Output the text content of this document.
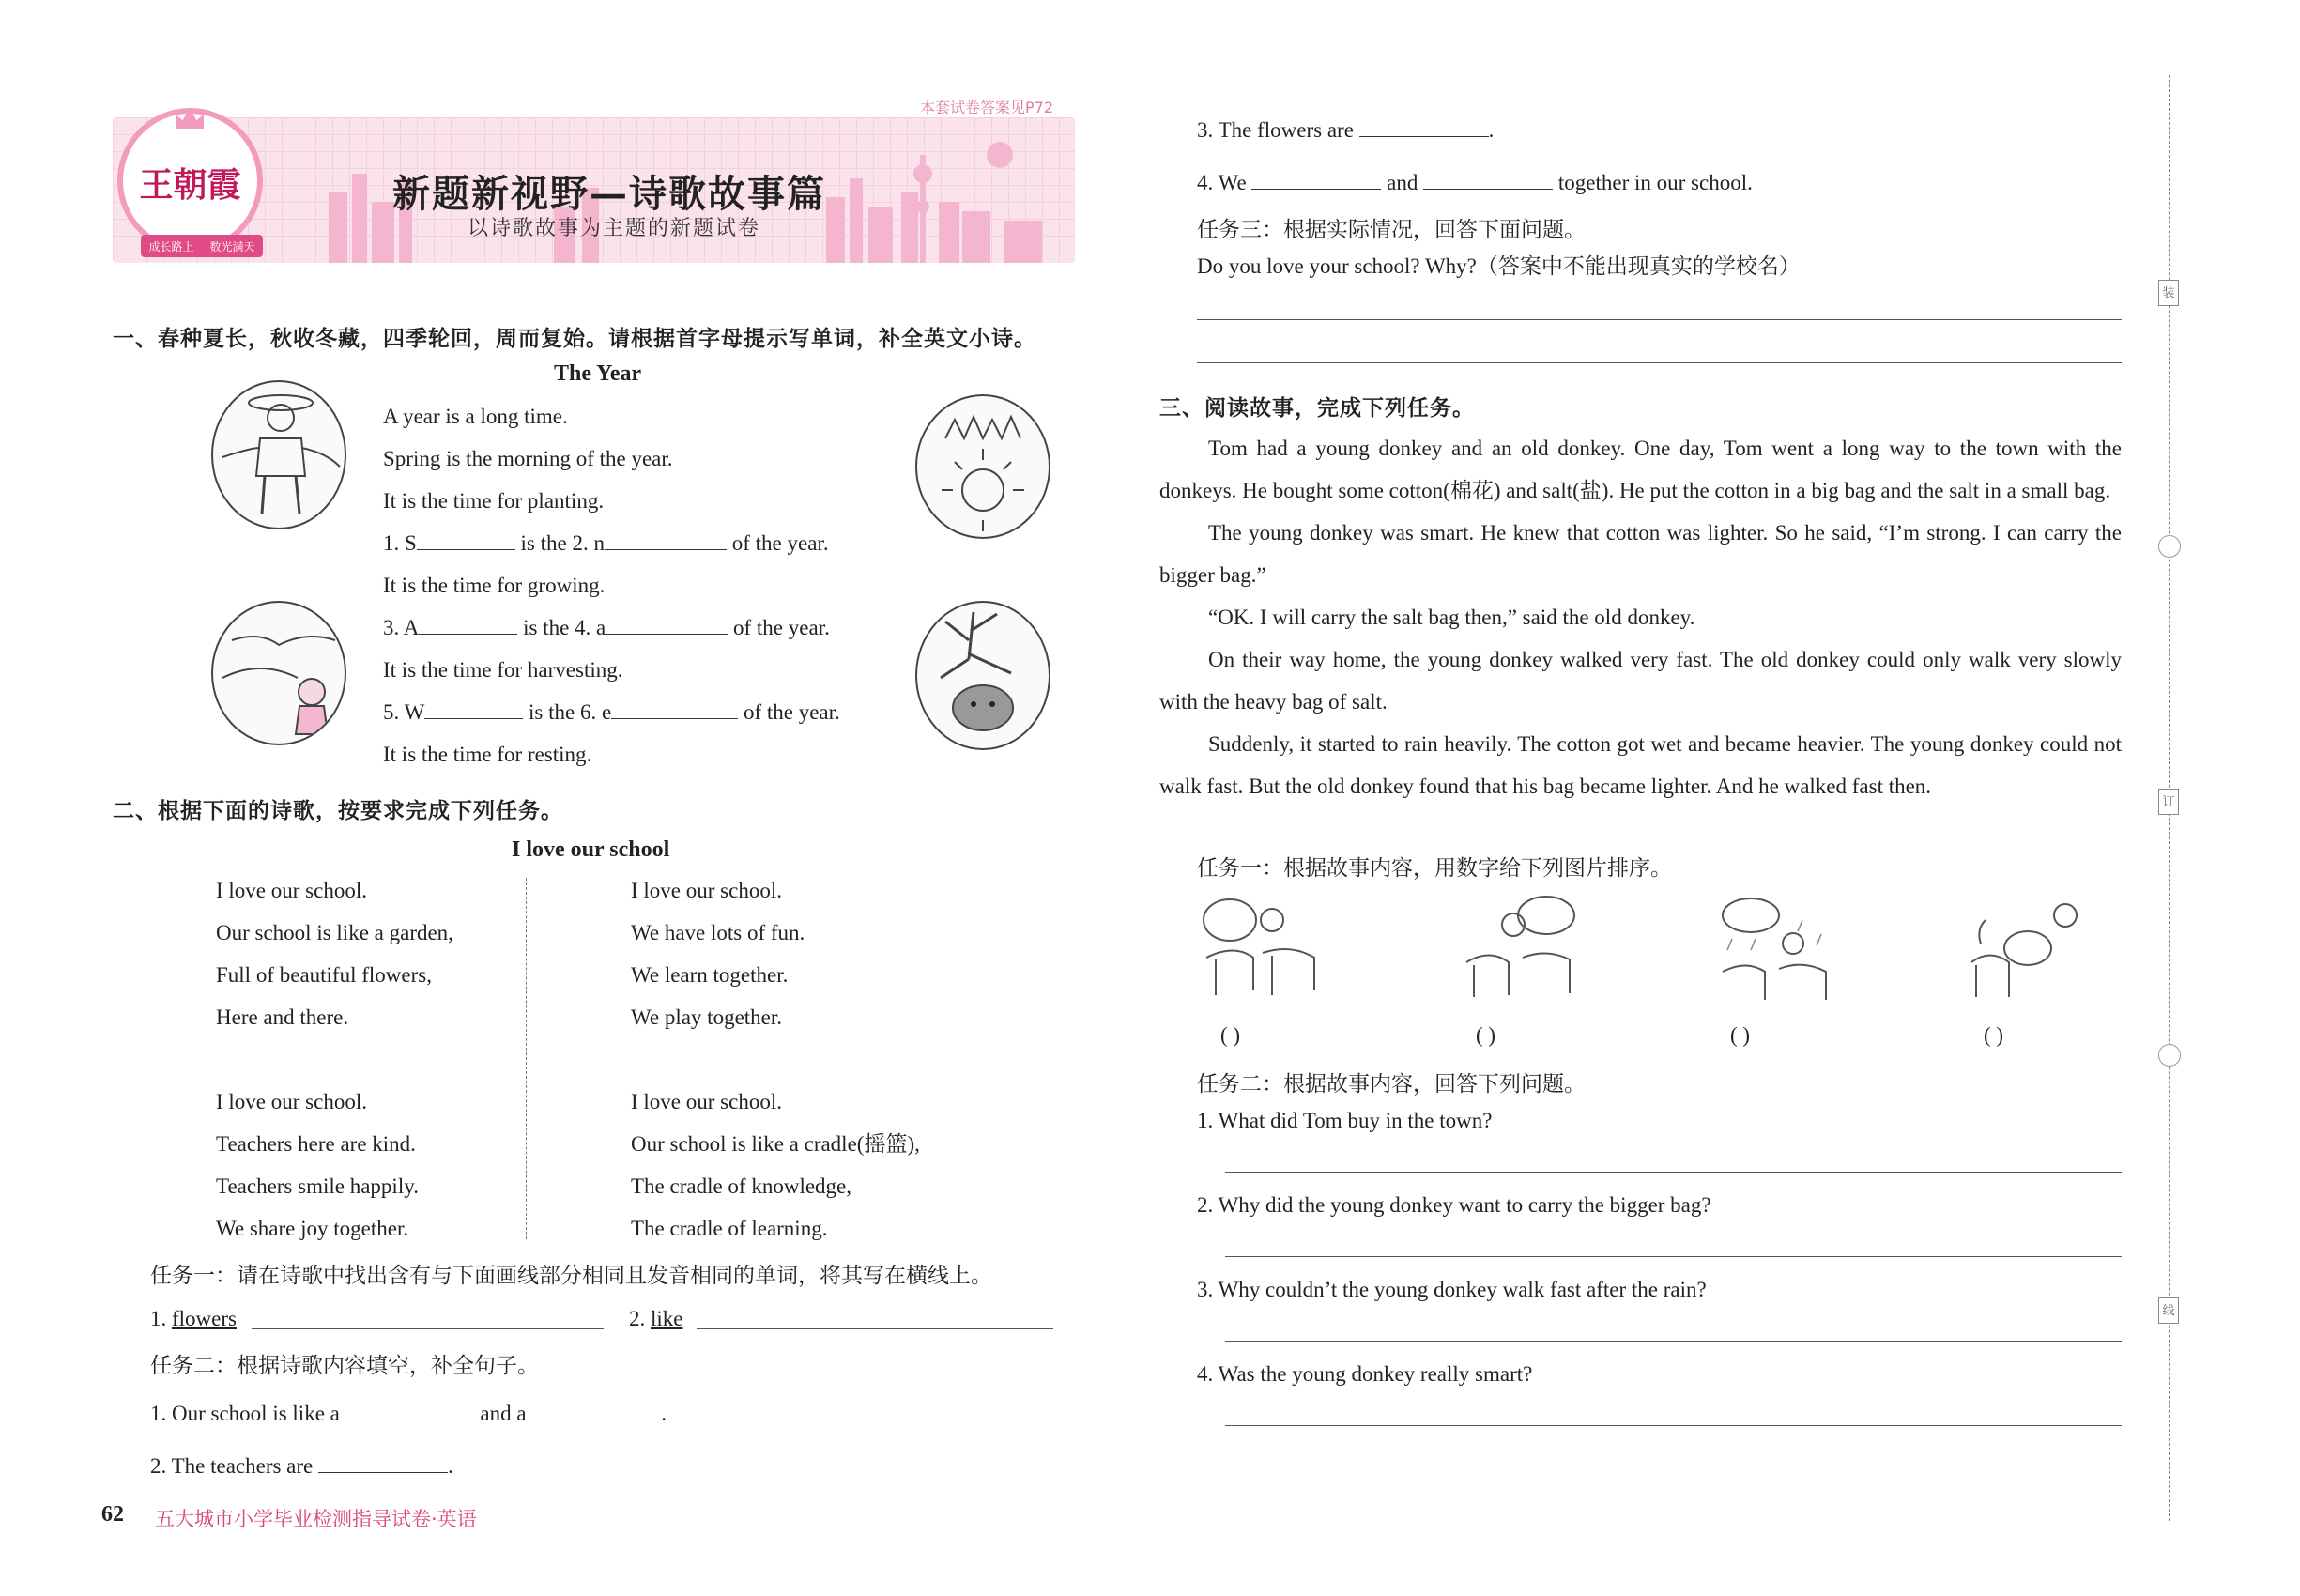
本套试卷答案见P72
王朝霞
成长路上 数光满天
新题新视野—诗歌故事篇
以诗歌故事为主题的新题试卷
一、春种夏长，秋收冬藏，四季轮回，周而复始。请根据首字母提示写单词，补全英文小诗。
The Year
A year is a long time.
Spring is the morning of the year.
It is the time for planting.
1. S	is the 2. n	of the year.
It is the time for growing.
3. A	is the 4. a	of the year.
It is the time for harvesting.
5. W	is the 6. e	of the year.
It is the time for resting.
二、根据下面的诗歌，按要求完成下列任务。
I love our school
I love our school.
Our school is like a garden,
Full of beautiful flowers,
Here and there.
I love our school.
Teachers here are kind.
Teachers smile happily.
We share joy together.
I love our school.
We have lots of fun.
We learn together.
We play together.
I love our school.
Our school is like a cradle(摇篮),
The cradle of knowledge,
The cradle of learning.
任务一：请在诗歌中找出含有与下面画线部分相同且发音相同的单词，将其写在横线上。
1. flowers	2. like
任务二：根据诗歌内容填空，补全句子。
1. Our school is like a	and a	.
2. The teachers are	.
62 五大城市小学毕业检测指导试卷·英语
3. The flowers are	.
4. We	and	together in our school.
任务三：根据实际情况，回答下面问题。
Do you love your school? Why?（答案中不能出现真实的学校名）
三、阅读故事，完成下列任务。

Tom had a young donkey and an old donkey. One day, Tom went a long way to the town with the donkeys. He bought some cotton(棉花) and salt(盐). He put the cotton in a big bag and the salt in a small bag.

The young donkey was smart. He knew that cotton was lighter. So he said, “I’m strong. I can carry the bigger bag.”

“OK. I will carry the salt bag then,” said the old donkey.

On their way home, the young donkey walked very fast. The old donkey could only walk very slowly with the heavy bag of salt.

Suddenly, it started to rain heavily. The cotton got wet and became heavier. The young donkey could not walk fast. But the old donkey found that his bag became lighter. And he walked fast then.

任务一：根据故事内容，用数字给下列图片排序。
( )	( )	( )	( )
任务二：根据故事内容，回答下列问题。
1. What did Tom buy in the town?
2. Why did the young donkey want to carry the bigger bag?
3. Why couldn’t the young donkey walk fast after the rain?
4. Was the young donkey really smart?
装
订
线
